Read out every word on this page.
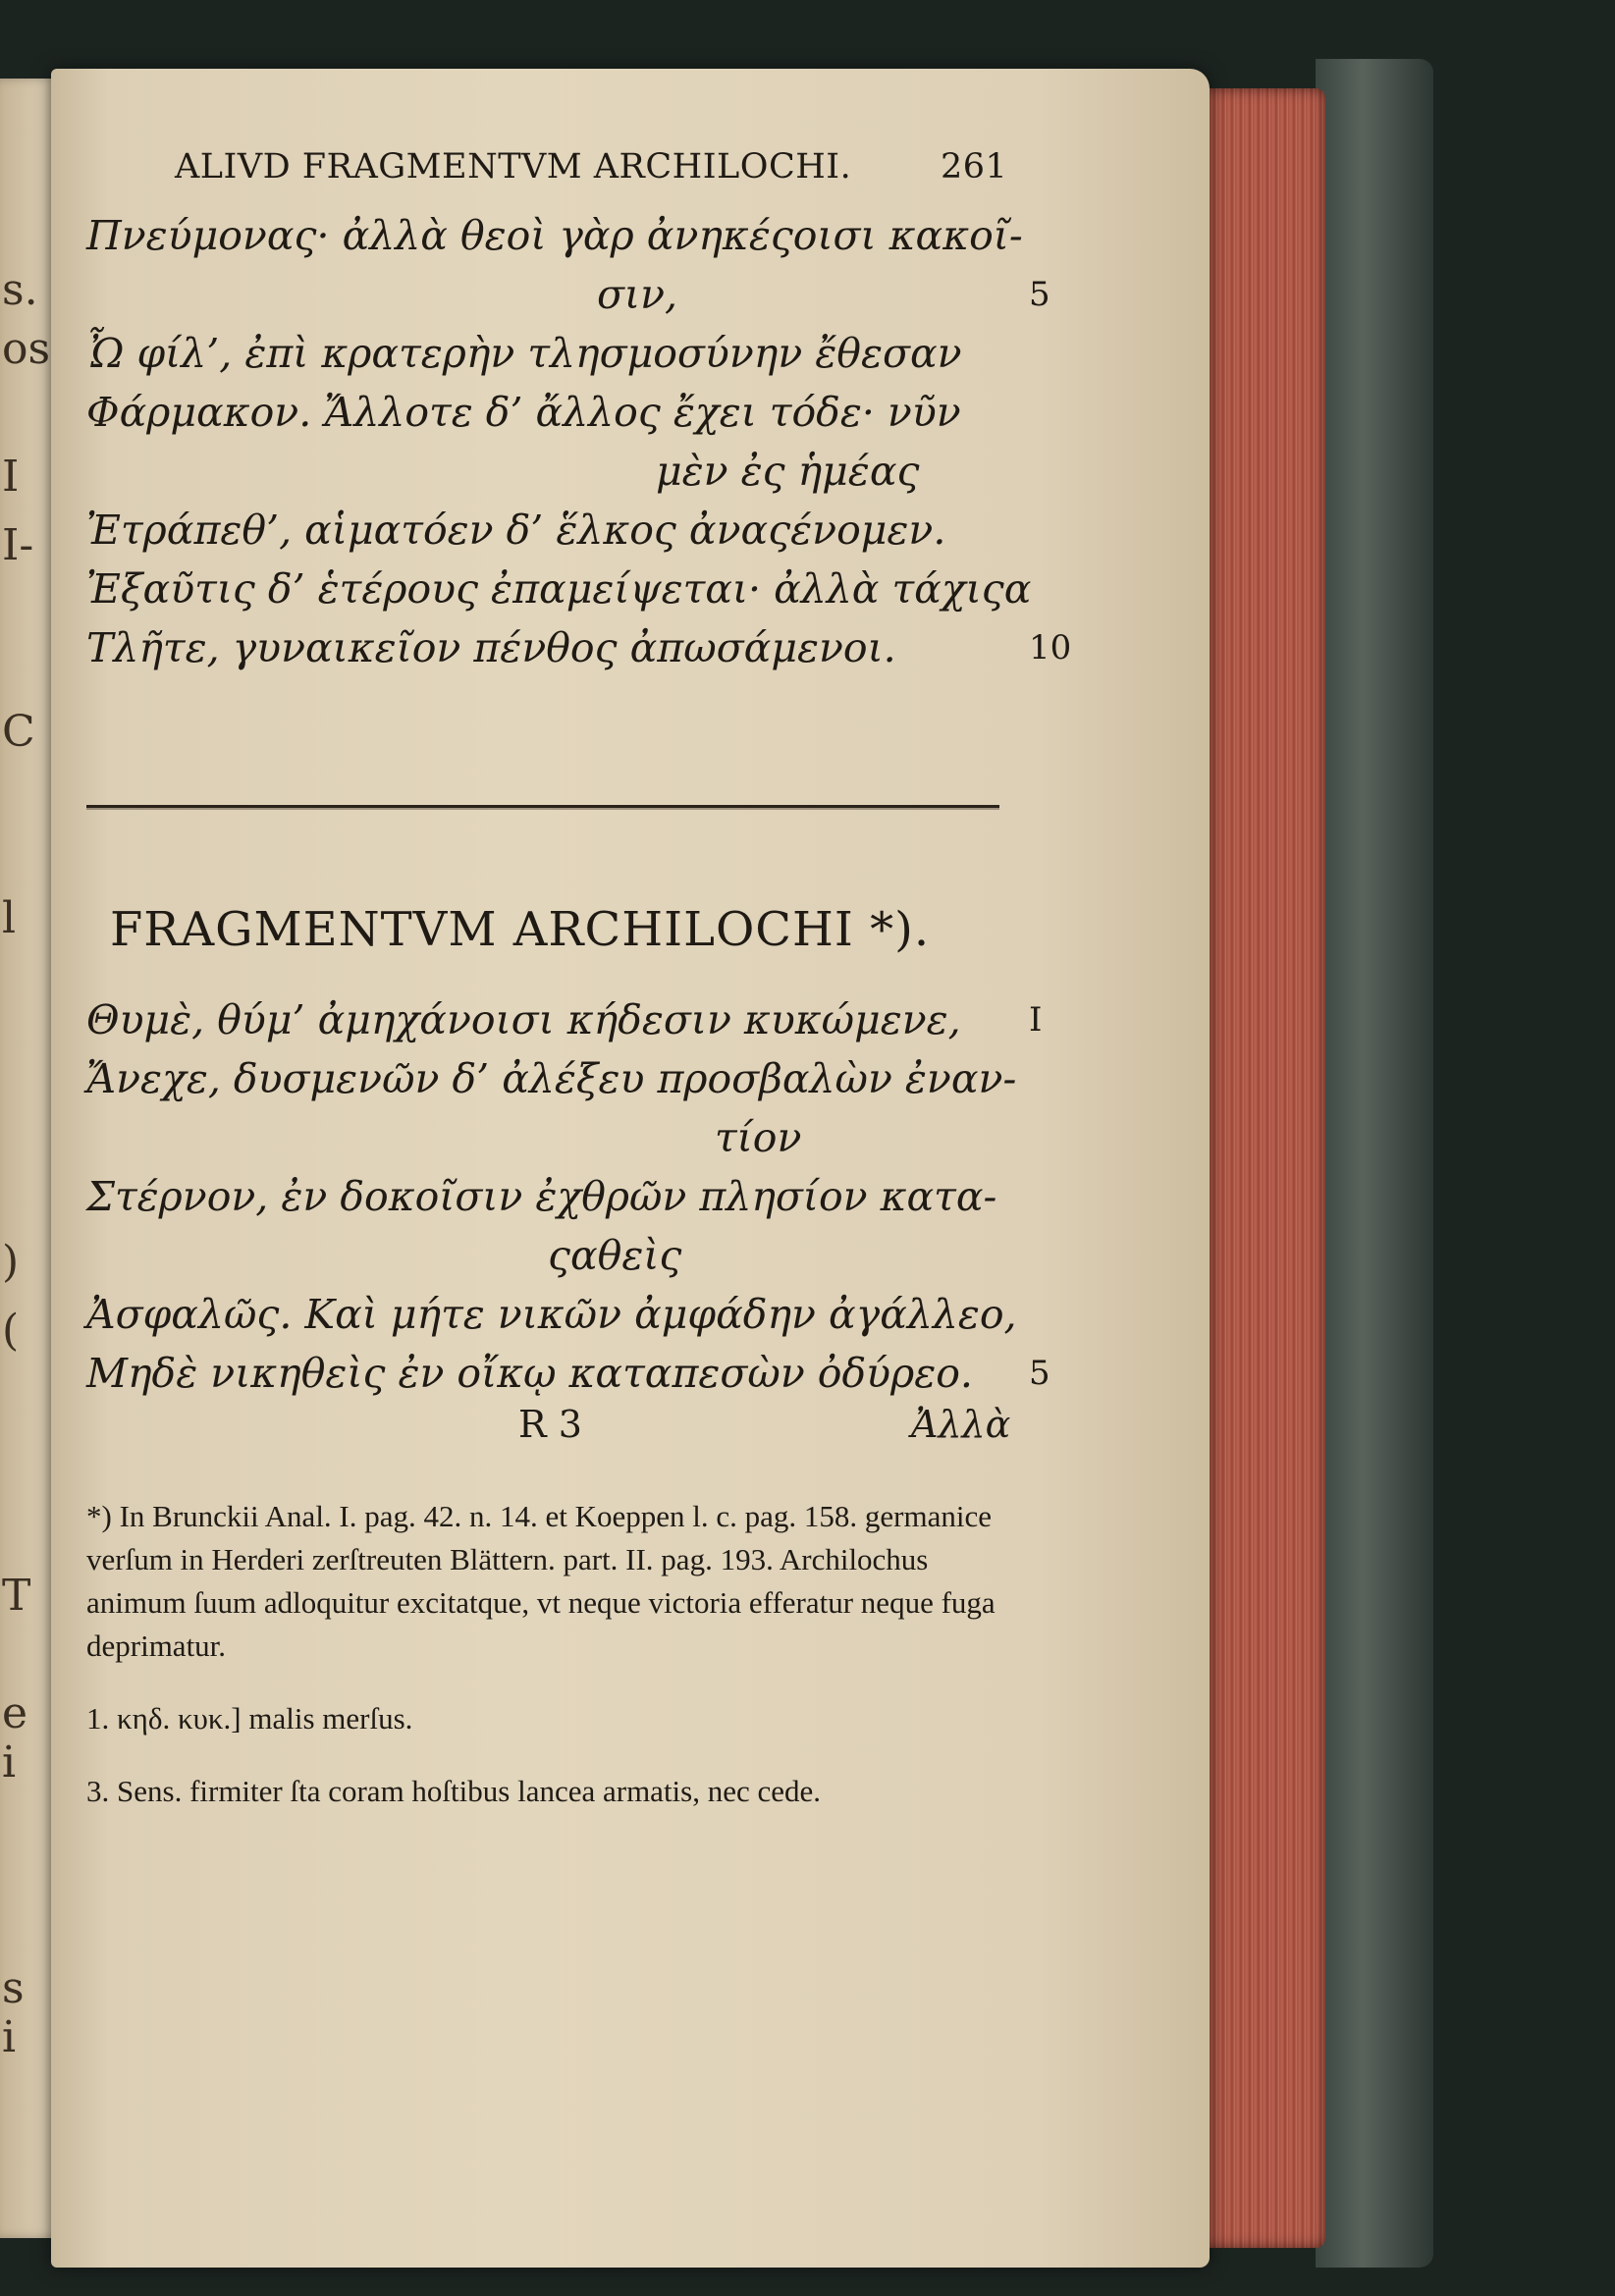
s.
os
I
I-
C
l
)
(
T
e
i
s
i
ALIVD FRAGMENTVM ARCHILOCHI.	261
Πνεύμονας· ἀλλὰ θεοὶ γὰρ ἀνηκέςοισι κακοῖ-
σιν,	5
Ὦ φίλ’, ἐπὶ κρατερὴν τλησμοσύνην ἔθεσαν
Φάρμακον. Ἄλλοτε δ’ ἄλλος ἔχει τόδε· νῦν
μὲν ἐς ἡμέας
Ἐτράπεθ’, αἱματόεν δ’ ἕλκος ἀναςένομεν.
Ἐξαῦτις δ’ ἑτέρους ἐπαμείψεται· ἀλλὰ τάχιςα
Τλῆτε, γυναικεῖον πένθος ἀπωσάμενοι.	10
FRAGMENTVM ARCHILOCHI *).
Θυμὲ, θύμ’ ἀμηχάνοισι κήδεσιν κυκώμενε, I
Ἄνεχε, δυσμενῶν δ’ ἀλέξευ προσβαλὼν ἐναν-
τίον
Στέρνον, ἐν δοκοῖσιν ἐχθρῶν πλησίον κατα-
ςαθεὶς
Ἀσφαλῶς. Καὶ μήτε νικῶν ἀμφάδην ἀγάλλεο,
Μηδὲ νικηθεὶς ἐν οἴκῳ καταπεσὼν ὀδύρεο. 5
R 3	Ἀλλὰ

*) In Brunckii Anal. I. pag. 42. n. 14. et Koeppen l. c. pag. 158. germanice verſum in Herderi zerſtreuten Blättern. part. II. pag. 193. Archilochus animum ſuum adloquitur excitatque, vt neque victoria efferatur neque fuga deprimatur.

1. κηδ. κυκ.] malis merſus.

3. Sens. firmiter ſta coram hoſtibus lancea armatis, nec cede.
